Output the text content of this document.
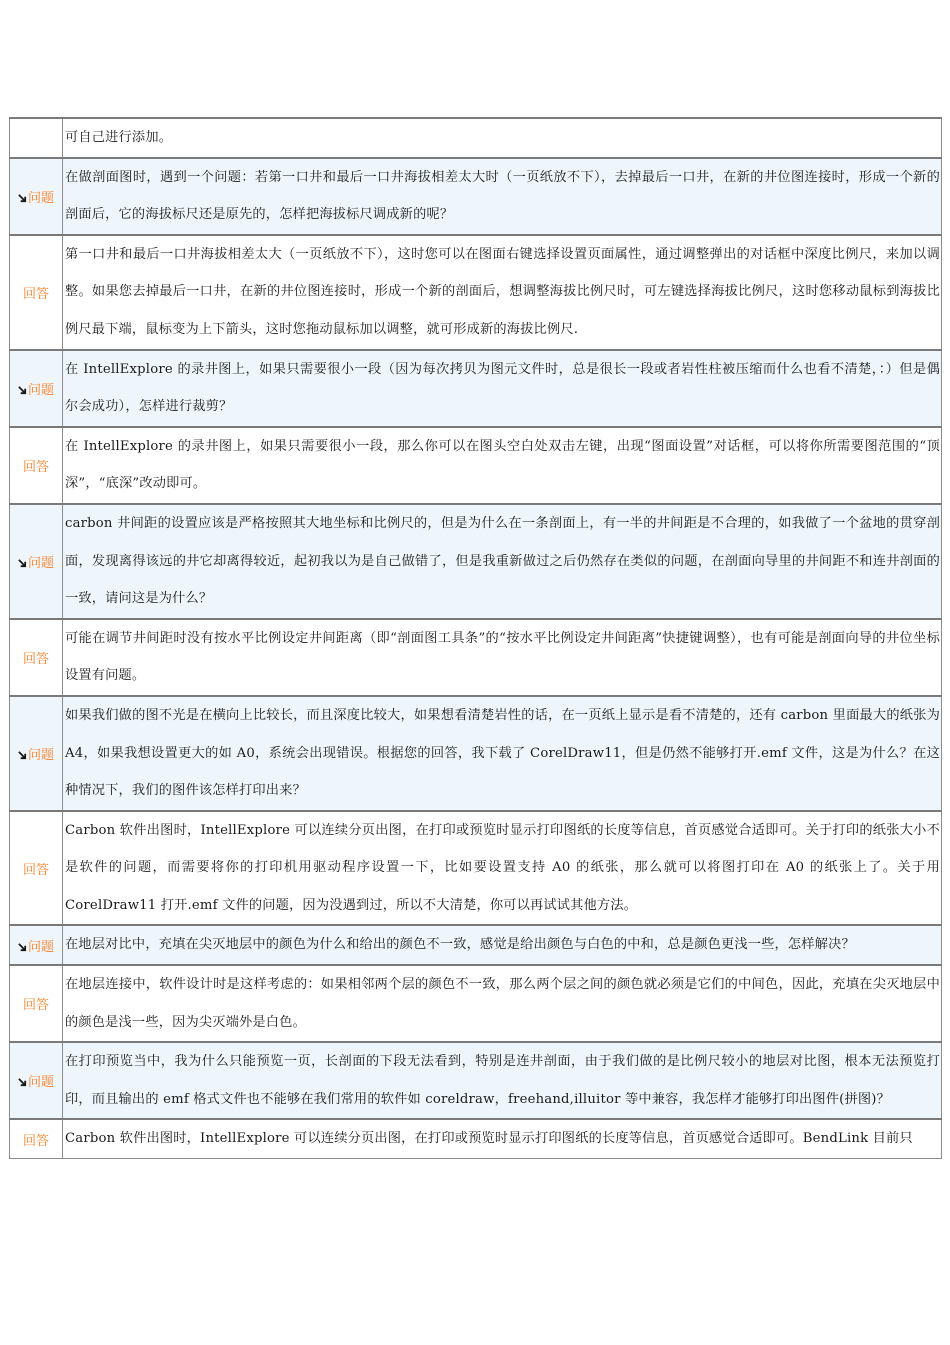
	可自己进行添加。
问题	在做剖面图时，遇到一个问题：若第一口井和最后一口井海拔相差太大时（一页纸放不下），去掉最后一口井，在新的井位图连接时，形成一个新的剖面后，它的海拔标尺还是原先的，怎样把海拔标尺调成新的呢？
回答	第一口井和最后一口井海拔相差太大（一页纸放不下），这时您可以在图面右键选择设置页面属性，通过调整弹出的对话框中深度比例尺，来加以调整。如果您去掉最后一口井，在新的井位图连接时，形成一个新的剖面后，想调整海拔比例尺时，可左键选择海拔比例尺，这时您移动鼠标到海拔比例尺最下端，鼠标变为上下箭头，这时您拖动鼠标加以调整，就可形成新的海拔比例尺.
问题	在 IntellExplore 的录井图上，如果只需要很小一段（因为每次拷贝为图元文件时，总是很长一段或者岩性柱被压缩而什么也看不清楚，：）但是偶尔会成功），怎样进行裁剪？
回答	在 IntellExplore 的录井图上，如果只需要很小一段，那么你可以在图头空白处双击左键，出现“图面设置”对话框，可以将你所需要图范围的“顶深”，“底深”改动即可。
问题	carbon 井间距的设置应该是严格按照其大地坐标和比例尺的，但是为什么在一条剖面上，有一半的井间距是不合理的，如我做了一个盆地的贯穿剖面，发现离得该远的井它却离得较近，起初我以为是自己做错了，但是我重新做过之后仍然存在类似的问题，在剖面向导里的井间距不和连井剖面的一致，请问这是为什么？
回答	可能在调节井间距时没有按水平比例设定井间距离（即“剖面图工具条”的“按水平比例设定井间距离”快捷键调整），也有可能是剖面向导的井位坐标设置有问题。
问题	如果我们做的图不光是在横向上比较长，而且深度比较大，如果想看清楚岩性的话，在一页纸上显示是看不清楚的，还有 carbon 里面最大的纸张为 A4，如果我想设置更大的如 A0，系统会出现错误。根据您的回答，我下载了 CorelDraw11，但是仍然不能够打开.emf 文件，这是为什么？在这种情况下，我们的图件该怎样打印出来？
回答	Carbon 软件出图时，IntellExplore 可以连续分页出图，在打印或预览时显示打印图纸的长度等信息，首页感觉合适即可。关于打印的纸张大小不是软件的问题，而需要将你的打印机用驱动程序设置一下，比如要设置支持 A0 的纸张，那么就可以将图打印在 A0 的纸张上了。关于用 CorelDraw11 打开.emf 文件的问题，因为没遇到过，所以不大清楚，你可以再试试其他方法。
问题	在地层对比中，充填在尖灭地层中的颜色为什么和给出的颜色不一致，感觉是给出颜色与白色的中和，总是颜色更浅一些，怎样解决？
回答	在地层连接中，软件设计时是这样考虑的：如果相邻两个层的颜色不一致，那么两个层之间的颜色就必须是它们的中间色，因此，充填在尖灭地层中的颜色是浅一些，因为尖灭端外是白色。
问题	在打印预览当中，我为什么只能预览一页，长剖面的下段无法看到，特别是连井剖面，由于我们做的是比例尺较小的地层对比图，根本无法预览打印，而且输出的 emf 格式文件也不能够在我们常用的软件如 coreldraw，freehand,illuitor 等中兼容，我怎样才能够打印出图件(拼图)？
回答	Carbon 软件出图时，IntellExplore 可以连续分页出图，在打印或预览时显示打印图纸的长度等信息，首页感觉合适即可。BendLink 目前只
